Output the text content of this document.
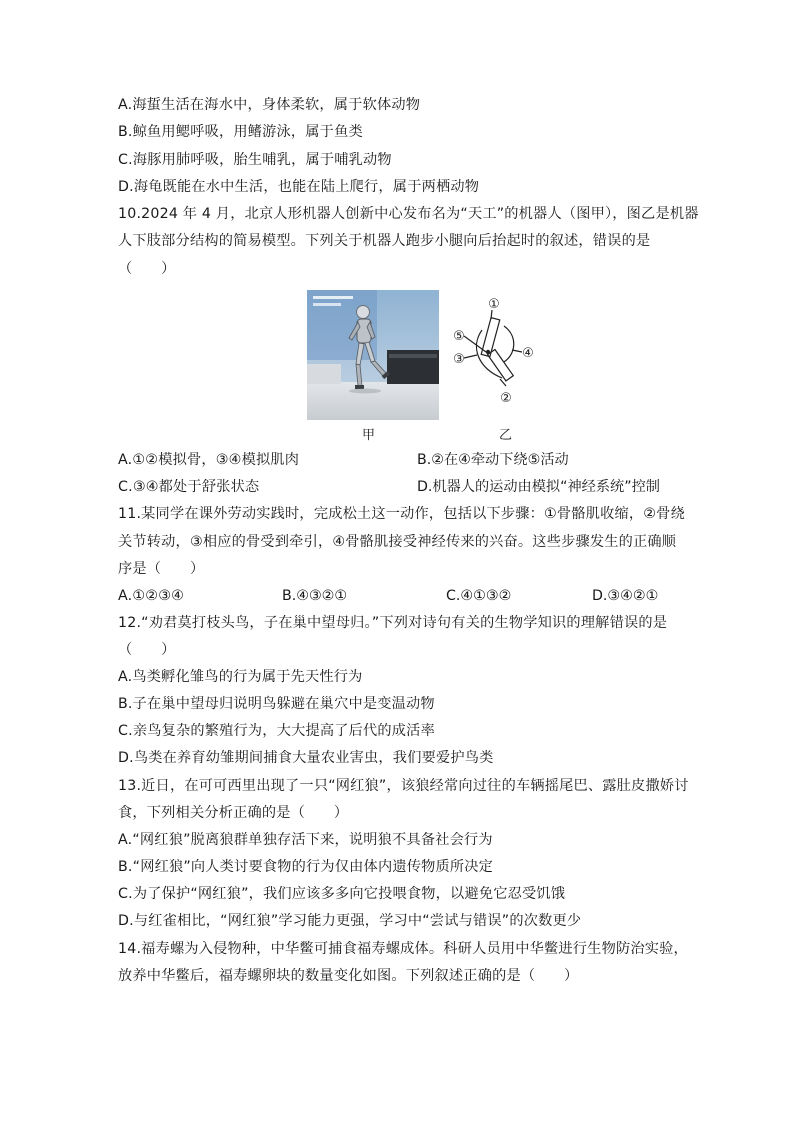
A.海蜇生活在海水中，身体柔软，属于软体动物
B.鲸鱼用鳃呼吸，用鳍游泳，属于鱼类
C.海豚用肺呼吸，胎生哺乳，属于哺乳动物
D.海龟既能在水中生活，也能在陆上爬行，属于两栖动物
10.2024 年 4 月，北京人形机器人创新中心发布名为“天工”的机器人（图甲），图乙是机器
人下肢部分结构的简易模型。下列关于机器人跑步小腿向后抬起时的叙述，错误的是
（　　）
甲
①
②
③	④
⑤
乙
A.①②模拟骨，③④模拟肌肉	B.②在④牵动下绕⑤活动
C.③④都处于舒张状态	D.机器人的运动由模拟“神经系统”控制
11.某同学在课外劳动实践时，完成松土这一动作，包括以下步骤：①骨骼肌收缩，②骨绕
关节转动，③相应的骨受到牵引，④骨骼肌接受神经传来的兴奋。这些步骤发生的正确顺
序是（　　）
A.①②③④	B.④③②①	C.④①③②	D.③④②①
12.“劝君莫打枝头鸟，子在巢中望母归。”下列对诗句有关的生物学知识的理解错误的是
（　　）
A.鸟类孵化雏鸟的行为属于先天性行为
B.子在巢中望母归说明鸟躲避在巢穴中是变温动物
C.亲鸟复杂的繁殖行为，大大提高了后代的成活率
D.鸟类在养育幼雏期间捕食大量农业害虫，我们要爱护鸟类
13.近日，在可可西里出现了一只“网红狼”，该狼经常向过往的车辆摇尾巴、露肚皮撒娇讨
食，下列相关分析正确的是（　　）
A.“网红狼”脱离狼群单独存活下来，说明狼不具备社会行为
B.“网红狼”向人类讨要食物的行为仅由体内遗传物质所决定
C.为了保护“网红狼”，我们应该多多向它投喂食物，以避免它忍受饥饿
D.与红雀相比，“网红狼”学习能力更强，学习中“尝试与错误”的次数更少
14.福寿螺为入侵物种，中华鳖可捕食福寿螺成体。科研人员用中华鳖进行生物防治实验，
放养中华鳖后，福寿螺卵块的数量变化如图。下列叙述正确的是（　　）
